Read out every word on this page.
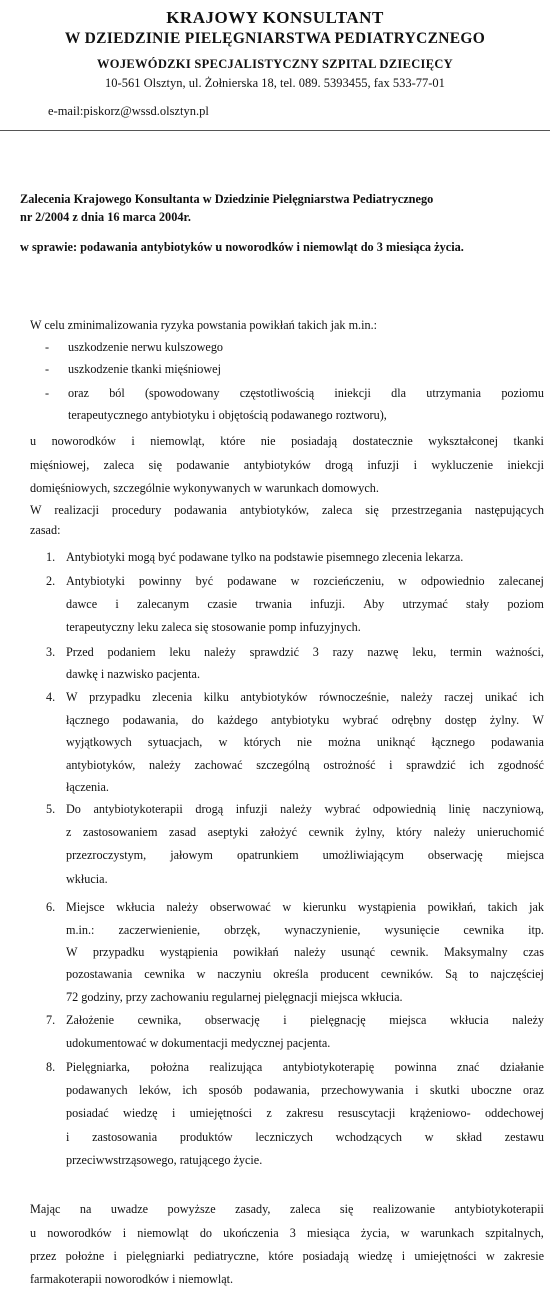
KRAJOWY KONSULTANT
W DZIEDZINIE PIELĘGNIARSTWA PEDIATRYCZNEGO
WOJEWÓDZKI SPECJALISTYCZNY SZPITAL DZIECIĘCY
10-561 Olsztyn, ul. Żołnierska 18, tel. 089. 5393455, fax 533-77-01
e-mail:piskorz@wssd.olsztyn.pl
Zalecenia Krajowego Konsultanta w Dziedzinie Pielęgniarstwa Pediatrycznego
nr 2/2004 z dnia 16 marca 2004r.
w sprawie: podawania antybiotyków u noworodków i niemowląt do 3 miesiąca życia.
W celu zminimalizowania ryzyka powstania powikłań takich jak m.in.:
- uszkodzenie nerwu kulszowego
- uszkodzenie tkanki mięśniowej
- oraz ból (spowodowany częstotliwością iniekcji dla utrzymania poziomu
terapeutycznego antybiotyku i objętością podawanego roztworu),
u noworodków i niemowląt, które nie posiadają dostatecznie wykształconej tkanki
mięśniowej, zaleca się podawanie antybiotyków drogą infuzji i wykluczenie iniekcji
domięśniowych, szczególnie wykonywanych w warunkach domowych.
W realizacji procedury podawania antybiotyków, zaleca się przestrzegania następujących
zasad:
1. Antybiotyki mogą być podawane tylko na podstawie pisemnego zlecenia lekarza.
2. Antybiotyki powinny być podawane w rozcieńczeniu, w odpowiednio zalecanej
dawce i zalecanym czasie trwania infuzji. Aby utrzymać stały poziom
terapeutyczny leku zaleca się stosowanie pomp infuzyjnych.
3. Przed podaniem leku należy sprawdzić 3 razy nazwę leku, termin ważności,
dawkę i nazwisko pacjenta.
4. W przypadku zlecenia kilku antybiotyków równocześnie, należy raczej unikać ich
łącznego podawania, do każdego antybiotyku wybrać odrębny dostęp żylny. W
wyjątkowych sytuacjach, w których nie można uniknąć łącznego podawania
antybiotyków, należy zachować szczególną ostrożność i sprawdzić ich zgodność
łączenia.
5. Do antybiotykoterapii drogą infuzji należy wybrać odpowiednią linię naczyniową,
z zastosowaniem zasad aseptyki założyć cewnik żylny, który należy unieruchomić
przezroczystym, jałowym opatrunkiem umożliwiającym obserwację miejsca
wkłucia.
6. Miejsce wkłucia należy obserwować w kierunku wystąpienia powikłań, takich jak
m.in.: zaczerwienienie, obrzęk, wynaczynienie, wysunięcie cewnika itp.
W przypadku wystąpienia powikłań należy usunąć cewnik. Maksymalny czas
pozostawania cewnika w naczyniu określa producent cewników. Są to najczęściej
72 godziny, przy zachowaniu regularnej pielęgnacji miejsca wkłucia.
7. Założenie cewnika, obserwację i pielęgnację miejsca wkłucia należy
udokumentować w dokumentacji medycznej pacjenta.
8. Pielęgniarka, położna realizująca antybiotykoterapię powinna znać działanie
podawanych leków, ich sposób podawania, przechowywania i skutki uboczne oraz
posiadać wiedzę i umiejętności z zakresu resuscytacji krążeniowo- oddechowej
i zastosowania produktów leczniczych wchodzących w skład zestawu
przeciwwstrząsowego, ratującego życie.
Mając na uwadze powyższe zasady, zaleca się realizowanie antybiotykoterapii
u noworodków i niemowląt do ukończenia 3 miesiąca życia, w warunkach szpitalnych,
przez położne i pielęgniarki pediatryczne, które posiadają wiedzę i umiejętności w zakresie
farmakoterapii noworodków i niemowląt.
